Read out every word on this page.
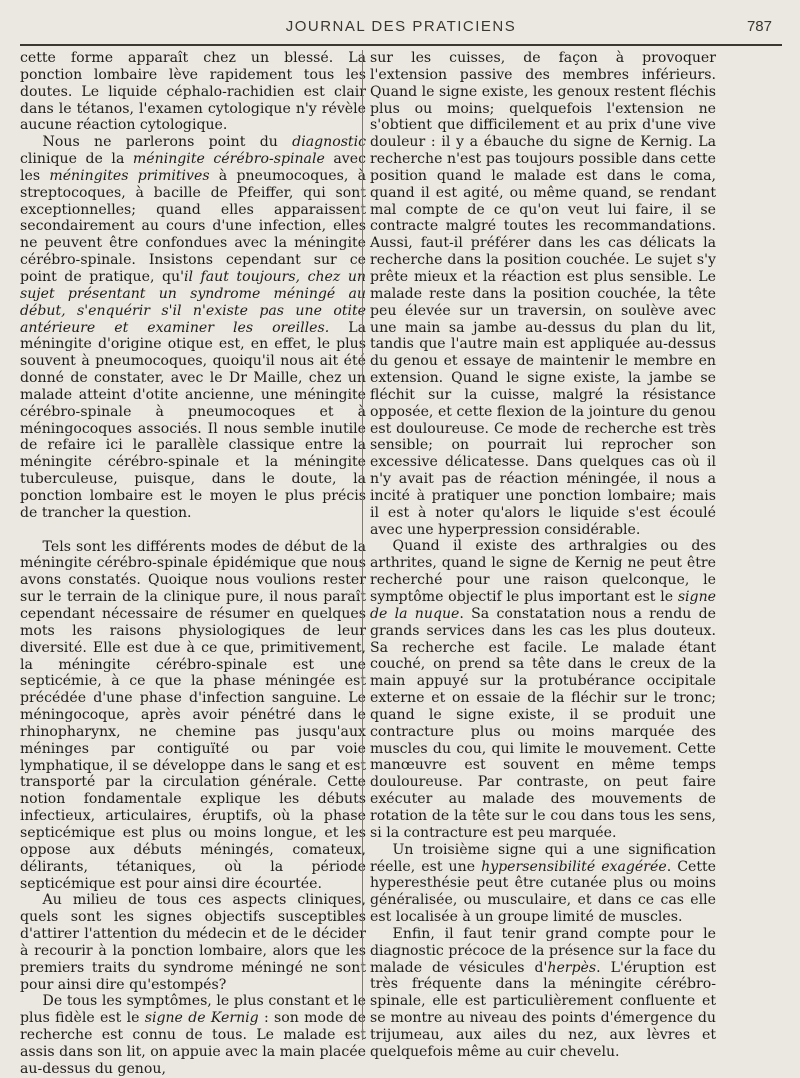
JOURNAL DES PRATICIENS	787

cette forme apparaît chez un blessé. La ponction lombaire lève rapidement tous les doutes. Le liquide céphalo-rachidien est clair dans le tétanos, l'examen cytologique n'y révèle aucune réaction cytologique.

Nous ne parlerons point du diagnostic clinique de la méningite cérébro-spinale avec les méningites primitives à pneumocoques, à streptocoques, à bacille de Pfeiffer, qui sont exceptionnelles; quand elles apparaissent secondairement au cours d'une infection, elles ne peuvent être confondues avec la méningite cérébro-spinale. Insistons cependant sur ce point de pratique, qu'il faut toujours, chez un sujet présentant un syndrome méningé au début, s'enquérir s'il n'existe pas une otite antérieure et examiner les oreilles. La méningite d'origine otique est, en effet, le plus souvent à pneumocoques, quoiqu'il nous ait été donné de constater, avec le Dr Maille, chez un malade atteint d'otite ancienne, une méningite cérébro-spinale à pneumocoques et à méningocoques associés. Il nous semble inutile de refaire ici le parallèle classique entre la méningite cérébro-spinale et la méningite tuberculeuse, puisque, dans le doute, la ponction lombaire est le moyen le plus précis de trancher la question.

Tels sont les différents modes de début de la méningite cérébro-spinale épidémique que nous avons constatés. Quoique nous voulions rester sur le terrain de la clinique pure, il nous paraît cependant nécessaire de résumer en quelques mots les raisons physiologiques de leur diversité. Elle est due à ce que, primitivement, la méningite cérébro-spinale est une septicémie, à ce que la phase méningée est précédée d'une phase d'infection sanguine. Le méningocoque, après avoir pénétré dans le rhinopharynx, ne chemine pas jusqu'aux méninges par contiguïté ou par voie lymphatique, il se développe dans le sang et est transporté par la circulation générale. Cette notion fondamentale explique les débuts infectieux, articulaires, éruptifs, où la phase septicémique est plus ou moins longue, et les oppose aux débuts méningés, comateux, délirants, tétaniques, où la période septicémique est pour ainsi dire écourtée.

Au milieu de tous ces aspects cliniques, quels sont les signes objectifs susceptibles d'attirer l'attention du médecin et de le décider à recourir à la ponction lombaire, alors que les premiers traits du syndrome méningé ne sont pour ainsi dire qu'estompés?

De tous les symptômes, le plus constant et le plus fidèle est le signe de Kernig : son mode de recherche est connu de tous. Le malade est assis dans son lit, on appuie avec la main placée au-dessus du genou,

sur les cuisses, de façon à provoquer l'extension passive des membres inférieurs. Quand le signe existe, les genoux restent fléchis plus ou moins; quelquefois l'extension ne s'obtient que difficilement et au prix d'une vive douleur : il y a ébauche du signe de Kernig. La recherche n'est pas toujours possible dans cette position quand le malade est dans le coma, quand il est agité, ou même quand, se rendant mal compte de ce qu'on veut lui faire, il se contracte malgré toutes les recommandations. Aussi, faut-il préférer dans les cas délicats la recherche dans la position couchée. Le sujet s'y prête mieux et la réaction est plus sensible. Le malade reste dans la position couchée, la tête peu élevée sur un traversin, on soulève avec une main sa jambe au-dessus du plan du lit, tandis que l'autre main est appliquée au-dessus du genou et essaye de maintenir le membre en extension. Quand le signe existe, la jambe se fléchit sur la cuisse, malgré la résistance opposée, et cette flexion de la jointure du genou est douloureuse. Ce mode de recherche est très sensible; on pourrait lui reprocher son excessive délicatesse. Dans quelques cas où il n'y avait pas de réaction méningée, il nous a incité à pratiquer une ponction lombaire; mais il est à noter qu'alors le liquide s'est écoulé avec une hyperpression considérable.

Quand il existe des arthralgies ou des arthrites, quand le signe de Kernig ne peut être recherché pour une raison quelconque, le symptôme objectif le plus important est le signe de la nuque. Sa constatation nous a rendu de grands services dans les cas les plus douteux. Sa recherche est facile. Le malade étant couché, on prend sa tête dans le creux de la main appuyé sur la protubérance occipitale externe et on essaie de la fléchir sur le tronc; quand le signe existe, il se produit une contracture plus ou moins marquée des muscles du cou, qui limite le mouvement. Cette manœuvre est souvent en même temps douloureuse. Par contraste, on peut faire exécuter au malade des mouvements de rotation de la tête sur le cou dans tous les sens, si la contracture est peu marquée.

Un troisième signe qui a une signification réelle, est une hypersensibilité exagérée. Cette hyperesthésie peut être cutanée plus ou moins généralisée, ou musculaire, et dans ce cas elle est localisée à un groupe limité de muscles.

Enfin, il faut tenir grand compte pour le diagnostic précoce de la présence sur la face du malade de vésicules d'herpès. L'éruption est très fréquente dans la méningite cérébro-spinale, elle est particulièrement confluente et se montre au niveau des points d'émergence du trijumeau, aux ailes du nez, aux lèvres et quelquefois même au cuir chevelu.
